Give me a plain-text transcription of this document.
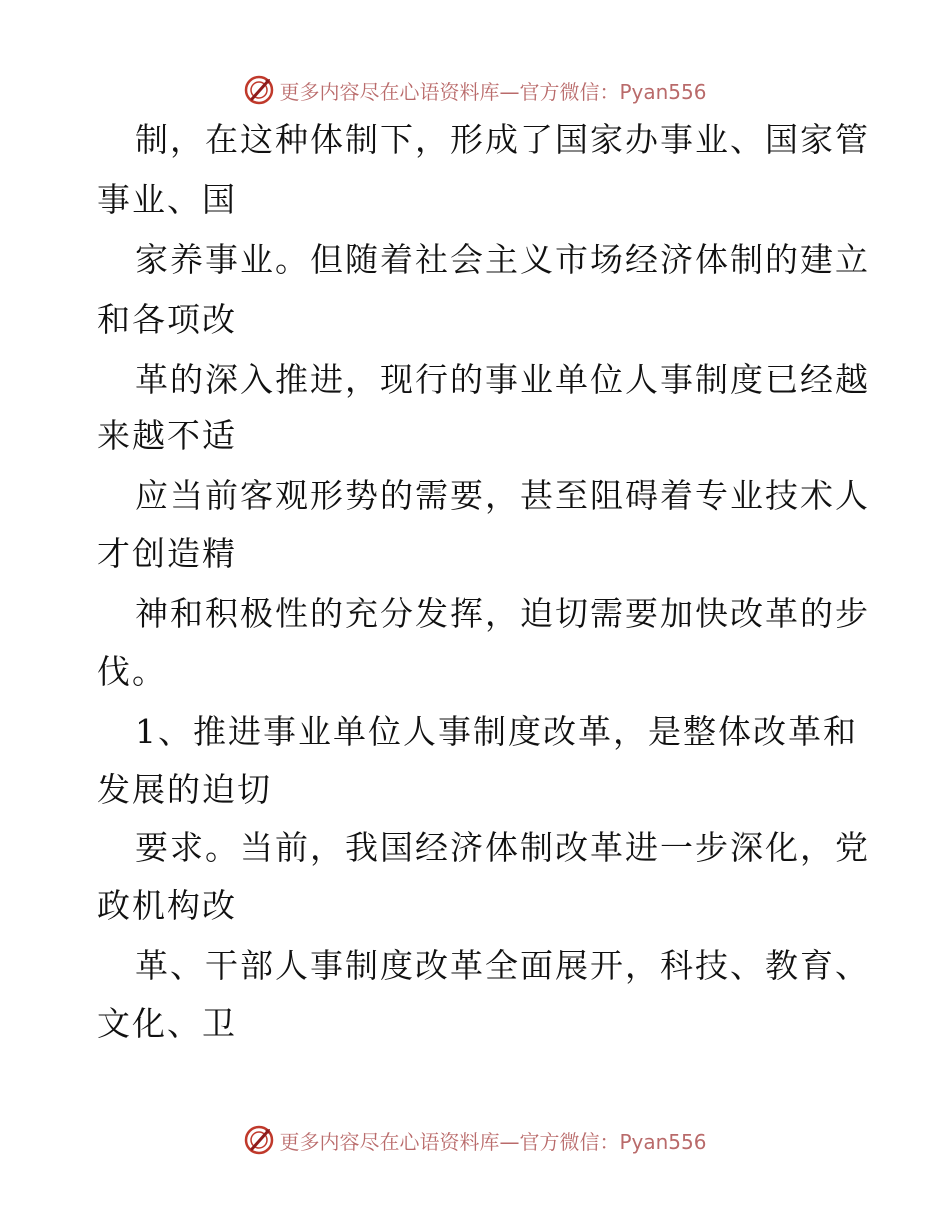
更多内容尽在心语资料库—官方微信：Pyan556
制，在这种体制下，形成了国家办事业、国家管
事业、国
家养事业。但随着社会主义市场经济体制的建立
和各项改
革的深入推进，现行的事业单位人事制度已经越
来越不适
应当前客观形势的需要，甚至阻碍着专业技术人
才创造精
神和积极性的充分发挥，迫切需要加快改革的步
伐。
1、推进事业单位人事制度改革，是整体改革和
发展的迫切
要求。当前，我国经济体制改革进一步深化，党
政机构改
革、干部人事制度改革全面展开，科技、教育、
文化、卫
更多内容尽在心语资料库—官方微信：Pyan556
